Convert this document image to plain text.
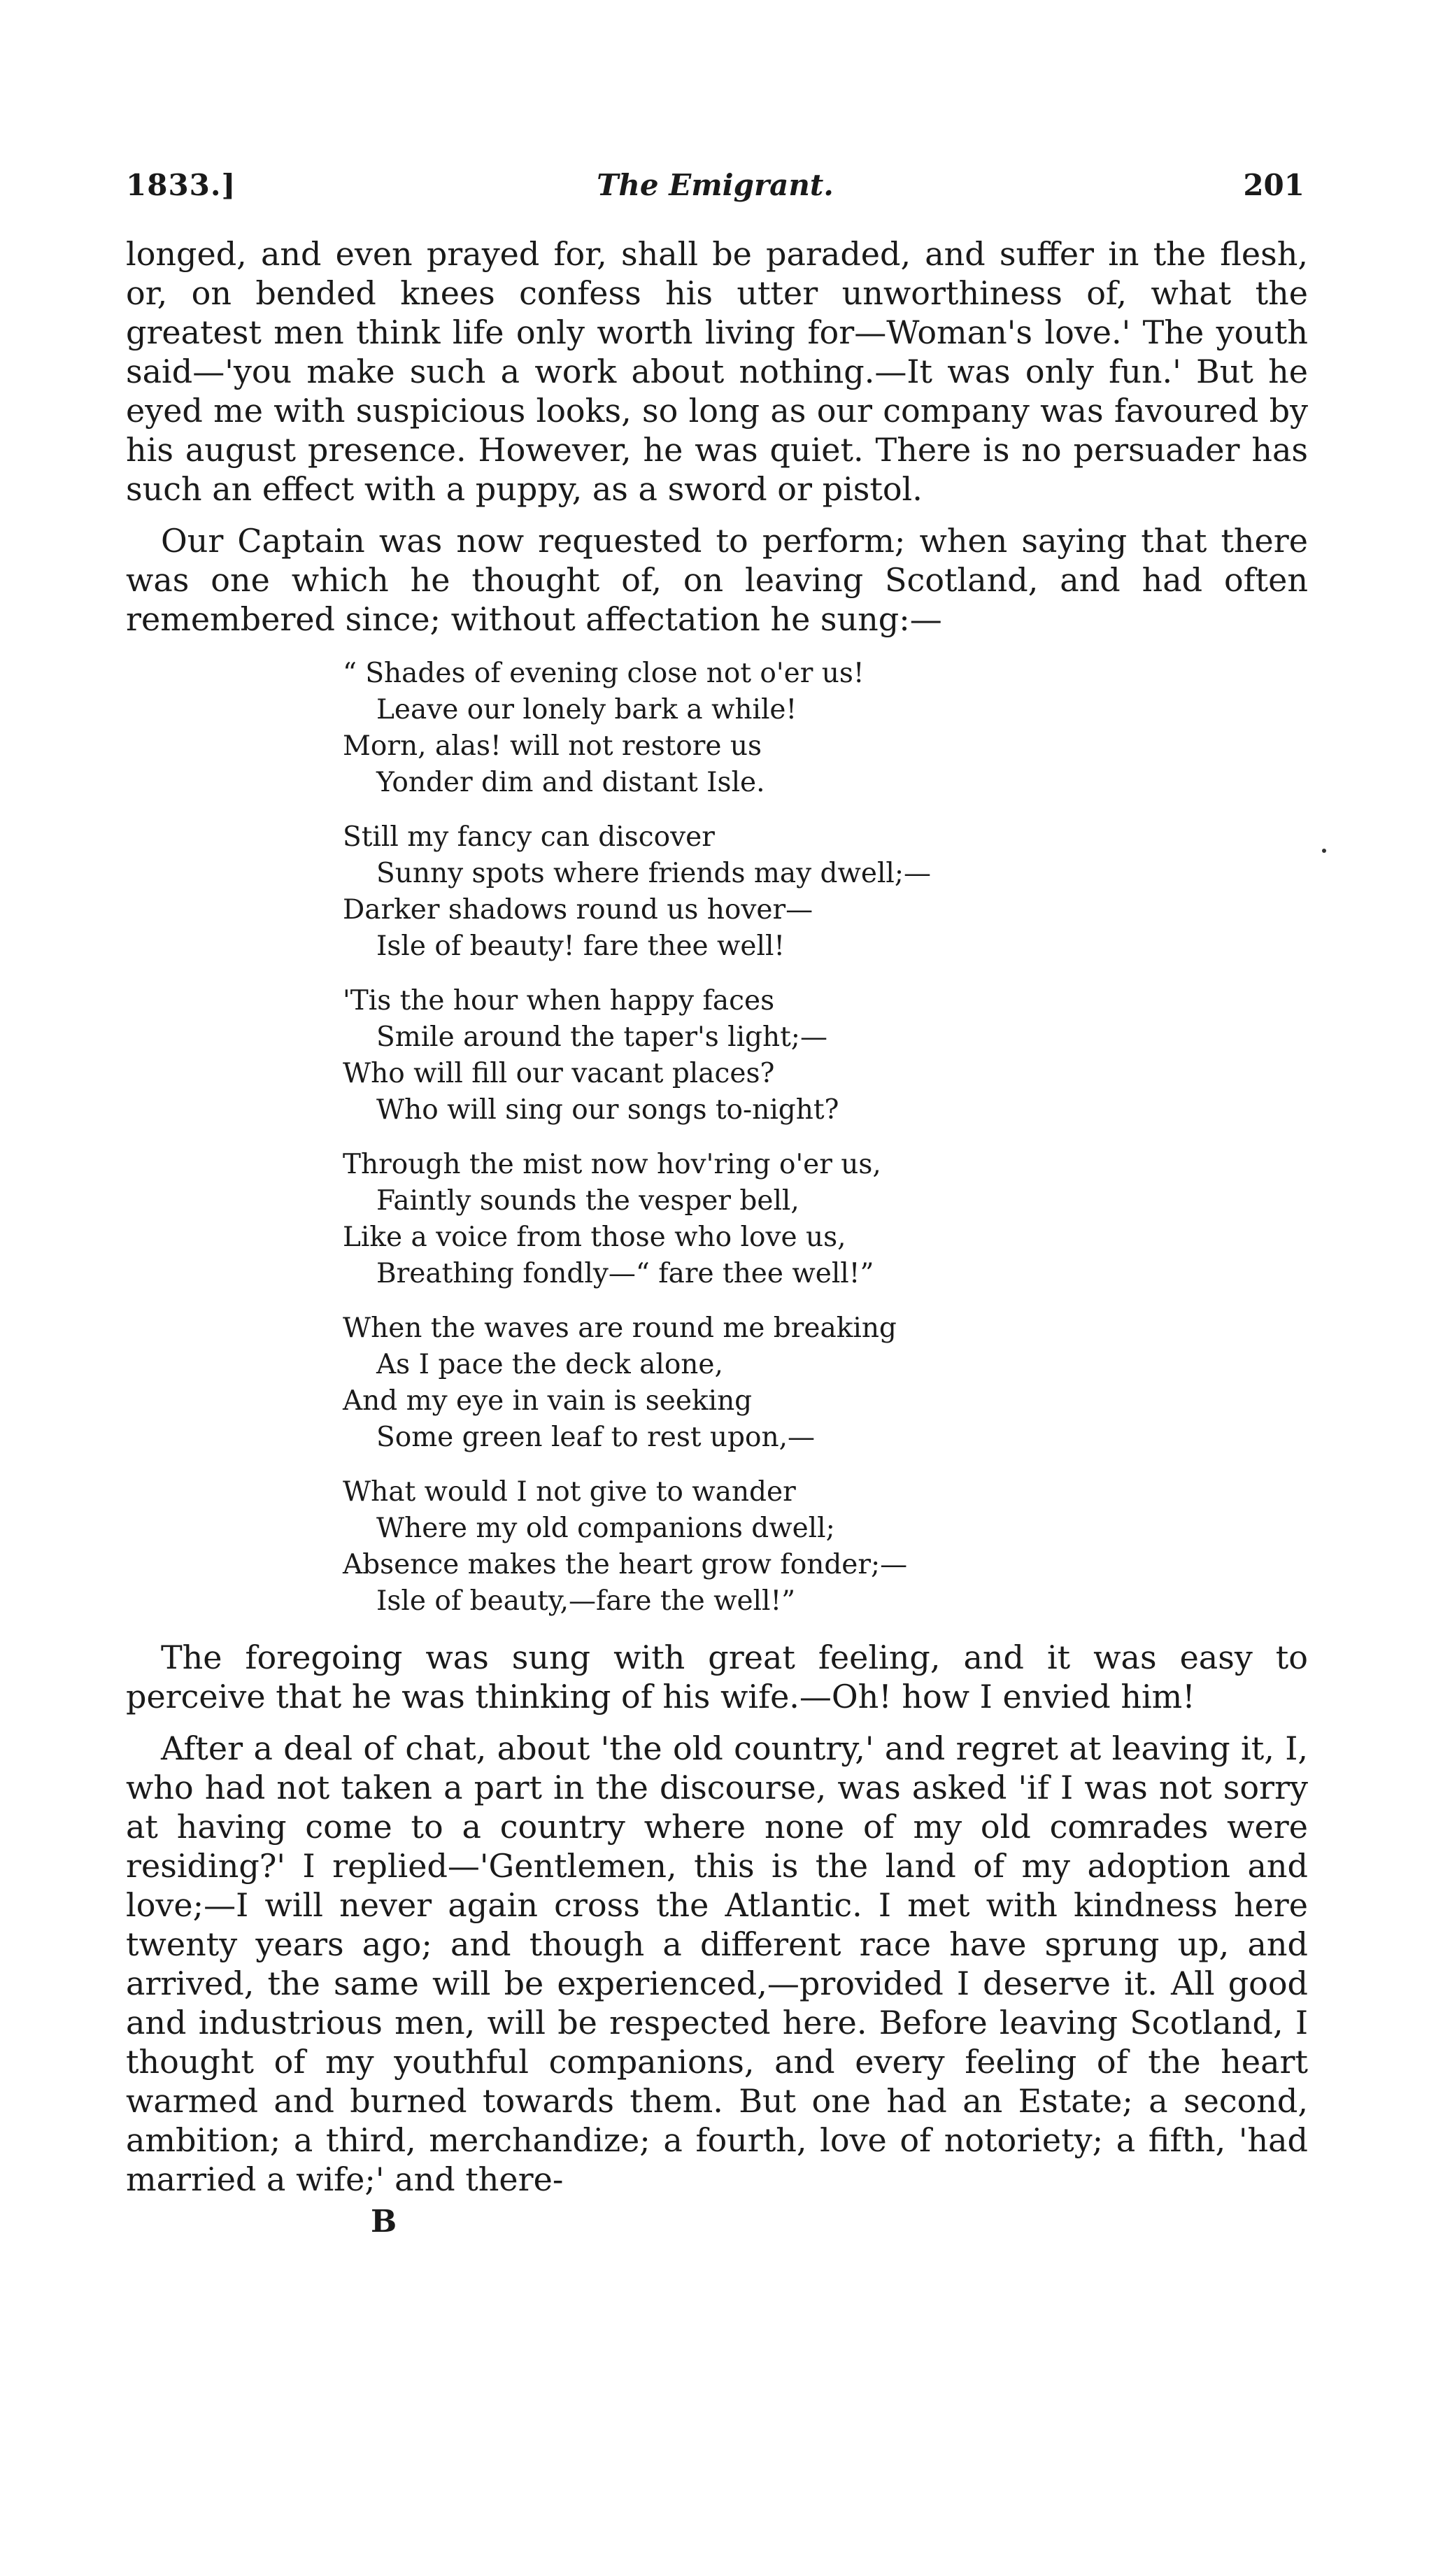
1833.]	The Emigrant.	201

longed, and even prayed for, shall be paraded, and suffer in the flesh, or, on bended knees confess his utter unworthiness of, what the greatest men think life only worth living for—Woman's love.' The youth said—'you make such a work about nothing.—It was only fun.' But he eyed me with suspicious looks, so long as our company was favoured by his august presence. However, he was quiet. There is no persuader has such an effect with a puppy, as a sword or pistol.

Our Captain was now requested to perform; when saying that there was one which he thought of, on leaving Scotland, and had often remembered since; without affectation he sung:—

“ Shades of evening close not o'er us!
Leave our lonely bark a while!
Morn, alas! will not restore us
Yonder dim and distant Isle.
Still my fancy can discover
Sunny spots where friends may dwell;—
Darker shadows round us hover—
Isle of beauty! fare thee well!
'Tis the hour when happy faces
Smile around the taper's light;—
Who will fill our vacant places?
Who will sing our songs to-night?
Through the mist now hov'ring o'er us,
Faintly sounds the vesper bell,
Like a voice from those who love us,
Breathing fondly—“ fare thee well!”
When the waves are round me breaking
As I pace the deck alone,
And my eye in vain is seeking
Some green leaf to rest upon,—
What would I not give to wander
Where my old companions dwell;
Absence makes the heart grow fonder;—
Isle of beauty,—fare the well!”

The foregoing was sung with great feeling, and it was easy to perceive that he was thinking of his wife.—Oh! how I envied him!

After a deal of chat, about 'the old country,' and regret at leaving it, I, who had not taken a part in the discourse, was asked 'if I was not sorry at having come to a country where none of my old comrades were residing?' I replied—'Gentlemen, this is the land of my adoption and love;—I will never again cross the Atlantic. I met with kindness here twenty years ago; and though a different race have sprung up, and arrived, the same will be experienced,—provided I deserve it. All good and industrious men, will be respected here. Before leaving Scotland, I thought of my youthful companions, and every feeling of the heart warmed and burned towards them. But one had an Estate; a second, ambition; a third, merchandize; a fourth, love of notoriety; a fifth, 'had married a wife;' and there-

B
